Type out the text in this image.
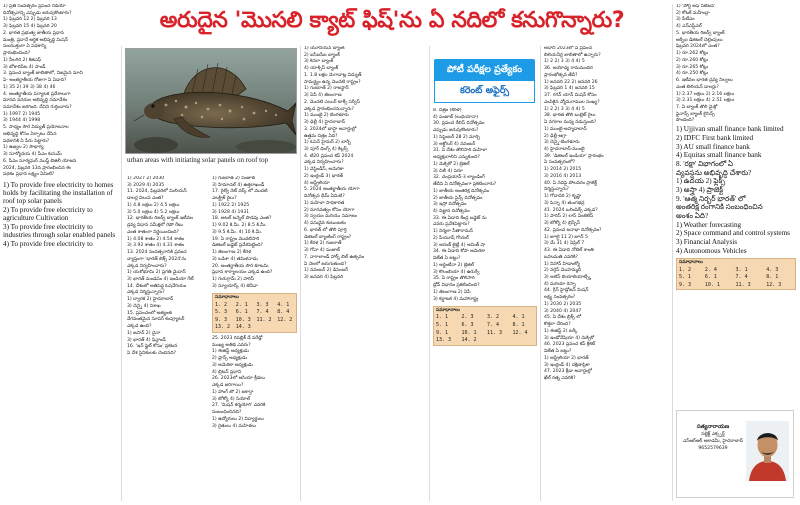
అరుదైన 'మొసలి క్యాట్ ఫిష్'ను ఏ నదిలో కనుగొన్నారు?

1) ప్రతి సంవత్సరం ప్రపంచ రేడియో

దినోత్సవాన్ని ఎప్పుడు జరుపుకొంటారు?

1) ఫిబ్రవరి 12 2) ఫిబ్రవరి 13

3) ఫిబ్రవరి 15 4) ఫిబ్రవరి 20

2. భారత ప్రభుత్వ జాతీయ ప్రధాన

మంత్రి, ప్రదానే ఆర్థిక అభివృద్ధి మిషన్

సంయుక్తంగా ఏ పథకాన్ని

ప్రారంభించింది?

1) నీలగిరి 2) కెజిఎఫ్

3) బోకారిపేట 4) పాండ్

3. ప్రపంచ బ్యాంక్ జాబితాలో, నిజమైన మాచి

ఏ- అంతర్జాతీయ రోజుగా ఏ ఏడాది?

1) 35 2) 39 3) 38 4) 46

4. అంతర్జాతీయ పర్యాటక ప్రదేశాలుగా

మానవ వనరుల అభివృద్ధి సమావేశం

సమావేశం జరిగింది. దేనిని గుర్తించారు?

1) 1997 2) 1945

3) 1944 4) 1998

5. సాధ్యం సౌర విద్యుత్ ప్రయోజనాల

అభివృద్ధి కోసం ఏర్పాటు చేసిన

పథకానికి ఏ పేరు పెట్టారు?

1) ఉజ్వల 2) సౌభాగ్య

3) సూర్యోదయ 4) పీఎం కుసుమ్

6. పీఎం సూర్యఘర్ ముఫ్త్ బిజిలీ యోజన

2024, ఫిబ్రవరి 13న ప్రారంభించిన ఈ

పథకం ప్రధాన లక్ష్యం ఏమిటి?

1) To provide free electricity to homes holds by facilitating the installation of roof top solar panels

2) To provide free electricity to agriculture Cultivation

3) To provide free electricity to industries through solar enabled panels

4) To provide free electricity to

urban areas with initiating solar panels on roof top

1) 2027 2) 2030

3) 2029 4) 2035

11. 2024, ఫిబ్రవరిలో మిలియన్

డాలర్ల విలువ ఎంత?

1) 4.8 లక్షలు 2) 4.5 లక్షలు

3) 5.0 లక్షలు 4) 5.2 లక్షలు

12. భారతీయ రిజర్వ్ బ్యాంక్ ఇటీవల

ద్రవ్య విధాన సమీక్షలో రెపో రేటు

ఎంత శాతంగా నిర్ణయించింది?

1) 4.08 శాతం 2) 4.54 శాతం

3) 3.92 శాతం 4) 4.31 శాతం

13. 2024 సంవత్సరానికి ప్రపంచ

వ్యాప్తంగా 'భారత్ టెక్స్ 2024'ను

ఎక్కడ నిర్వహించారు?

1) యశోభూమి 2) ప్రగతి మైదాన్

3) భారత్ మండపం 4) ఇండియా గేట్

14. దేశంలో అతిపెద్ద ఓషనేరియం

ఎక్కడ నిర్మిస్తున్నారు?

1) ద్వారక 2) హైదరాబాద్

3) చెన్నై 4) విశాఖ

15. ప్రపంచంలో అత్యంత

వేగవంతమైన సూపర్ కంప్యూటర్

ఎక్కడ ఉంది?

1) జపాన్ 2) చైనా

3) భారత్ 4) ఫిన్లాండ్

16. 'ఇన్ ఫ్లైట్ కోసం' ప్రకటన

ఏ దేశ సైనికులకు చెందినది?

1) గుజరాత్ 2) పంజాబ్

3) హిమాచల్ 4) ఉత్తరాఖండ్

17. రైల్వే నెట్ వర్క్ లో మొదటి

ఎలక్ట్రిక్ రైలు?

1) 1922 2) 1925

3) 1928 4) 1931

18. అటల్ టన్నెల్ పొడవు ఎంత?

1) 9.02 కి.మీ. 2) 8.5 కి.మీ.

3) 9.5 కి.మీ. 4) 10 కి.మీ.

19. ఏ రాష్ట్రం మొదటిసారి

డిజిటల్ బడ్జెట్ ప్రవేశపెట్టింది?

1) తెలంగాణ 2) కేరళ

3) ఒడిశా 4) తమిళనాడు

20. అంతర్జాతీయ సౌర కూటమి

ప్రధాన కార్యాలయం ఎక్కడ ఉంది?

1) గురుగ్రామ్ 2) పారిస్

3) న్యూయార్క్ 4) జెనీవా

సమాధానాలు
1. 2	2. 1	3. 3	4. 1
5. 3	6. 1	7. 4	8. 4
9. 3	10. 3	11. 2	12. 2
13. 2	14. 3		

25. 2023 రిపబ్లిక్ డే పరేడ్లో

ముఖ్య అతిథి ఎవరు?

1) ఈజిప్ట్ అధ్యక్షుడు

2) ఫ్రాన్స్ అధ్యక్షుడు

3) అమెరికా అధ్యక్షుడు

4) బ్రిటన్ ప్రధాని

26. 2023లో ఆసియా క్రీడలు

ఎక్కడ జరిగాయి?

1) హాంగ్ జౌ 2) జకార్తా

3) టోక్యో 4) సియోల్

27. 'మిషన్ కర్మయోగి' ఎవరికి

సంబంధించినది?

1) ఉద్యోగులు 2) విద్యార్థులు

3) రైతులు 4) మహిళలు

1) యూనియన్ బ్యాంక్

2) ఐసీఐసీఐ బ్యాంక్

3) కెనరా బ్యాంక్

4) యాక్సిస్ బ్యాంక్

1. 1.8 లక్షల మెగావాట్ల విద్యుత్

సామర్థ్యం ఉన్న మొదటి రాష్ట్రం?

1) గుజరాత్ 2) రాజస్థాన్

3) ఏపీ 4) తెలంగాణ

2. మొదటి ఎయిర్ టాక్సీ సర్వీస్

ఎక్కడ ప్రారంభించనున్నారు?

1) ముంబై 2) బెంగళూరు

3) ఢిల్లీ 4) హైదరాబాద్

3. 2024లో బాఫ్టా అవార్డుల్లో

ఉత్తమ చిత్రం ఏది?

1) ఓపెన్ హైమర్ 2) బార్బీ

3) పూర్ థింగ్స్ 4) కిల్లర్స్

4. టి20 ప్రపంచ కప్ 2024

ఎక్కడ నిర్వహించారు?

1) వెస్టిండీస్, అమెరికా

2) ఇంగ్లండ్ 3) భారత్

4) ఆస్ట్రేలియా

5. 2024 అంతర్జాతీయ యోగా

దినోత్సవ థీమ్ ఏమిటి?

1) మహిళా సాధికారత

2) మానవత్వం కోసం యోగా

3) స్వయం మరియు సమాజం

4) వసుధైవ కుటుంబకం

6. భారత్ లో తొలి పూర్తి

డిజిటల్ బ్యాంకింగ్ రాష్ట్రం?

1) కేరళ 2) గుజరాత్

3) గోవా 4) పంజాబ్

7. నాగాలాండ్ హార్న్ బిల్ ఉత్సవం

ఏ నెలలో జరుగుతుంది?

1) నవంబర్ 2) డిసెంబర్

3) జనవరి 4) ఫిబ్రవరి

పోటీ పరీక్షల ప్రత్యేకం
కరెంట్ అఫైర్స్

8. చిత్రం (కేరళ)

4) పంజాబ్ (లుధియానా)

30. ప్రపంచ రేబిస్ దినోత్సవం

ఎప్పుడు జరుపుకొంటారు?

1) సెప్టెంబర్ 28 2) మార్చి

3) అక్టోబర్ 4) నవంబర్

31. ఏ దేశం తొలిసారి మహిళా

అధ్యక్షురాలిని ఎన్నుకుంది?

1) మెక్సికో 2) బ్రెజిల్

3) చిలీ 4) పెరూ

32. చంద్రయాన్-3 ల్యాండింగ్

తేదీని ఏ దినోత్సవంగా ప్రకటించారు?

1) జాతీయ అంతరిక్ష దినోత్సవం

2) జాతీయ సైన్స్ దినోత్సవం

3) ఇస్రో దినోత్సవం

4) విజ్ఞాన దినోత్సవం

33. ఈ ఏడాది కేంద్ర బడ్జెట్ ను

ఎవరు ప్రవేశపెట్టారు?

1) నిర్మలా సీతారామన్

2) పీయూష్ గోయల్

3) అరుణ్ జైట్లీ 4) అమిత్ షా

34. ఈ ఏడాది కోపా అమెరికా

విజేత ఏ జట్టు?

1) అర్జెంటీనా 2) బ్రెజిల్

3) కొలంబియా 4) ఉరుగ్వే

35. ఏ రాష్ట్రం తొలిసారి

డ్రోన్ విధానం ప్రకటించింది?

1) తెలంగాణ 2) ఏపీ

3) కర్ణాటక 4) మహారాష్ట్ర

సమాధానాలు
1. 1	2. 3	3. 2	4. 1
5. 1	6. 3	7. 4	8. 1
9. 1	10. 1	11. 3	12. 4
13. 3	14. 2		

అదానీ 2023లో ఏ ప్రపంచ

బిలియనీర్ల జాబితాలో ఉన్నారు?

1) 2 2) 3 3) 4 4) 5

36. అయోధ్య రామమందిర

ప్రారంభోత్సవ తేదీ?

1) జనవరి 22 2) జనవరి 26

3) ఫిబ్రవరి 1 4) జనవరి 15

37. గగన్ యాన్ మిషన్ కోసం

ఎంపికైన వ్యోమగాముల సంఖ్య?

1) 2 2) 3 3) 4 4) 5

38. భారత తొలి బుల్లెట్ రైలు

ఏ నగరాల మధ్య నడుస్తుంది?

1) ముంబై-అహ్మదాబాద్

2) ఢిల్లీ-ఆగ్రా

3) చెన్నై-బెంగళూరు

4) హైదరాబాద్-ముంబై

39. 'డిజిటల్ ఇండియా' ప్రారంభం

ఏ సంవత్సరంలో?

1) 2014 2) 2015

3) 2016 4) 2013

40. ఏ నదిపై పోలవరం ప్రాజెక్ట్

నిర్మిస్తున్నారు?

1) గోదావరి 2) కృష్ణా

3) పెన్నా 4) తుంగభద్ర

41. 2024 ఒలింపిక్స్ ఎక్కడ?

1) పారిస్ 2) లాస్ ఏంజెలెస్

3) టోక్యో 4) బ్రిస్బేన్

42. ప్రపంచ జనాభా దినోత్సవం?

1) జూలై 11 2) జూన్ 5

3) మే 31 4) ఏప్రిల్ 7

43. ఈ ఏడాది నోబెల్ శాంతి

బహుమతి ఎవరికి?

1) నిహాన్ హిడాంక్యో

2) నర్గెస్ మొహమ్మదీ

3) అలెస్ బియాలియాట్స్కీ

4) మరియా రెస్సా

44. గ్రీన్ హైడ్రోజన్ మిషన్

లక్ష్య సంవత్సరం?

1) 2030 2) 2035

3) 2040 4) 2047

45. ఏ దేశం బ్రిక్స్ లో

కొత్తగా చేరింది?

1) ఈజిప్ట్ 2) టర్కీ

3) ఇండోనేషియా 4) మెక్సికో

46. 2023 ప్రపంచ కప్ క్రికెట్

విజేత ఏ జట్టు?

1) ఆస్ట్రేలియా 2) భారత్

3) ఇంగ్లండ్ 4) దక్షిణాఫ్రికా

47. 2023 క్రీడా అవార్డుల్లో

ఖేల్ రత్న ఎవరికి?

1) 'పోర్ట్ ఆఫ్ సిటిజన్'

2) కోటక్ మహీంద్రా

3) పేటీఎం

4) ఎన్ఎస్డీఎల్

5. భారతీయ రిజర్వ్ బ్యాంక్

ఆర్బీఐ డిజిటల్ చెల్లింపులు

ఫిబ్రవరి 2024లో ఎంత?

1) రూ.262 కోట్లు

2) రూ.260 కోట్లు

3) రూ.265 కోట్లు

4) రూ.250 కోట్లు

6. ఇటీవల భారత ద్రవ్య నిల్వలు

ఎంత బిలియన్ డాలర్లు?

1) 2.37 లక్షలు 2) 2.16 లక్షలు

3) 2.31 లక్షలు 4) 2.51 లక్షలు

7. ఏ బ్యాంక్ తొలి మైక్రో

ఫైనాన్స్ బ్యాంక్ లైసెన్స్

పొందింది?

1) Ujjivan small finance bank limited

2) IDFC First bank limited

3) AU small finance bank

4) Equitas small finance bank

8. 'రక్షా' విభాగంలో ఏ

వ్యవస్థను అభివృద్ధి చేశారు?

1) ఉదయ 2) ఫ్లెక్స్

3) అస్త్రా 4) ప్రాజెక్ట్

9. 'ఆత్మ నిర్భర్ భారత్' లో

అంతరిక్ష రంగానికి సంబంధించిన

అంశం ఏది?

1) Weather forecasting

2) Space command and control systems

3) Financial Analysis

4) Autonomous Vehicles

సమాధానాలు
1. 2	2. 4	3. 1	4. 3
5. 1	6. 1	7. 4	8. 1
9. 3	10. 1	11. 3	12. 3
సత్యనారాయణ
సబ్జెక్ట్ ఎక్స్పర్ట్
ఎస్ఆర్ఆర్ అకాడమీ, హైదరాబాద్
9652579639
